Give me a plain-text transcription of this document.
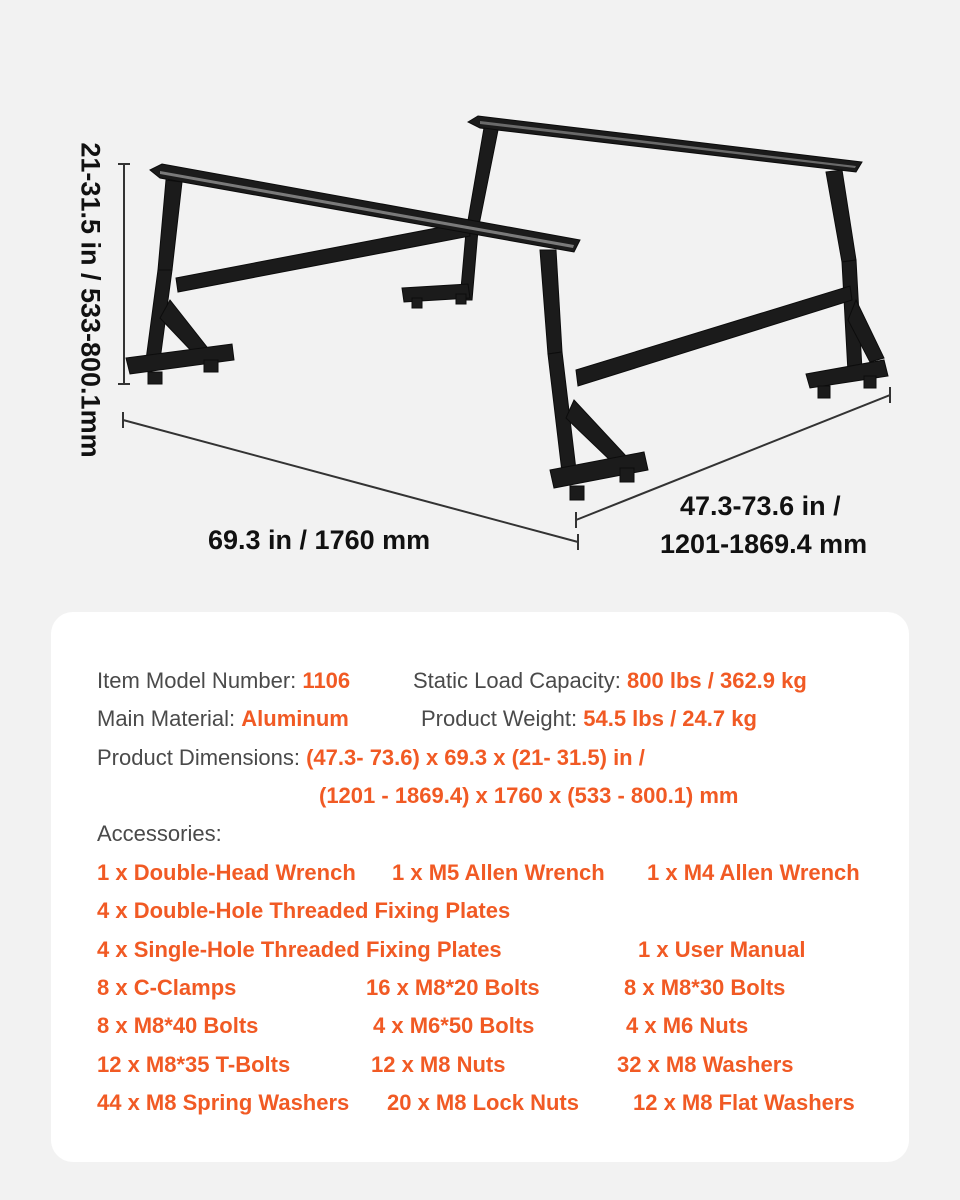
21-31.5 in / 533-800.1mm
69.3 in / 1760 mm
47.3-73.6 in /
1201-1869.4 mm
Item Model Number: 1106	Static Load Capacity: 800 lbs / 362.9 kg
Main Material: Aluminum	Product Weight: 54.5 lbs / 24.7 kg
Product Dimensions: (47.3- 73.6) x 69.3 x (21- 31.5) in /
(1201 - 1869.4) x 1760 x (533 - 800.1) mm
Accessories:
1 x Double-Head Wrench 1 x M5 Allen Wrench 1 x M4 Allen Wrench
4 x Double-Hole Threaded Fixing Plates
4 x Single-Hole Threaded Fixing Plates	1 x User Manual
8 x C-Clamps	16 x M8*20 Bolts	8 x M8*30 Bolts
8 x M8*40 Bolts	4 x M6*50 Bolts	4 x M6 Nuts
12 x M8*35 T-Bolts	12 x M8 Nuts	32 x M8 Washers
44 x M8 Spring Washers 20 x M8 Lock Nuts 12 x M8 Flat Washers
